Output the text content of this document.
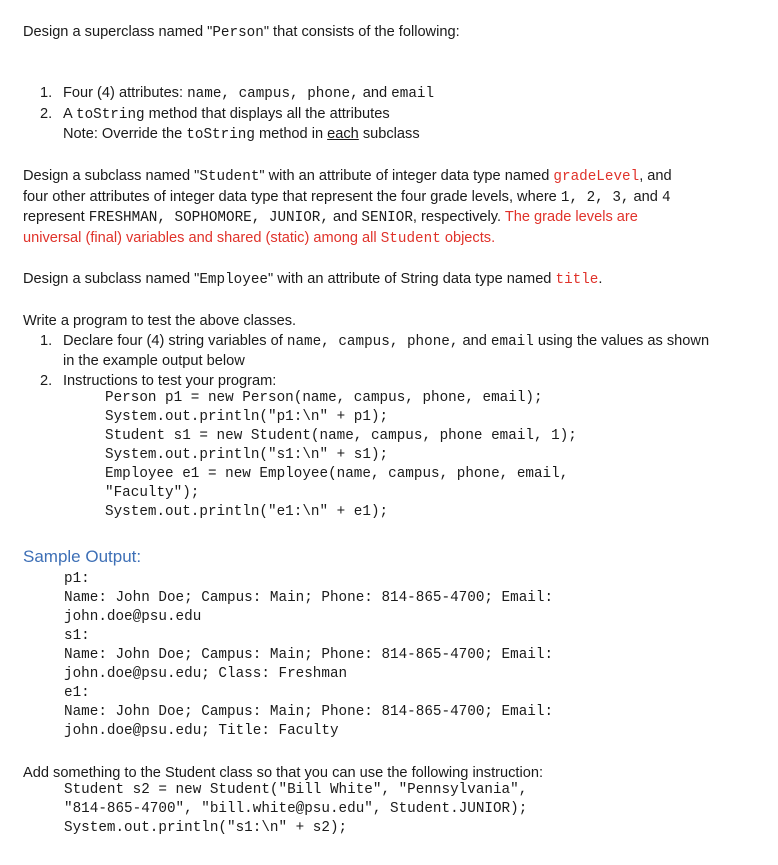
Design a superclass named "Person" that consists of the following:
1. Four (4) attributes: name, campus, phone, and email
2. A toString method that displays all the attributes
Note: Override the toString method in each subclass
Design a subclass named "Student" with an attribute of integer data type named gradeLevel, and
four other attributes of integer data type that represent the four grade levels, where 1, 2, 3, and 4
represent FRESHMAN, SOPHOMORE, JUNIOR, and SENIOR, respectively. The grade levels are
universal (final) variables and shared (static) among all Student objects.
Design a subclass named "Employee" with an attribute of String data type named title.
Write a program to test the above classes.
1. Declare four (4) string variables of name, campus, phone, and email using the values as shown
in the example output below
2. Instructions to test your program:
Person p1 = new Person(name, campus, phone, email);
System.out.println("p1:\n" + p1);
Student s1 = new Student(name, campus, phone email, 1);
System.out.println("s1:\n" + s1);
Employee e1 = new Employee(name, campus, phone, email,
"Faculty");
System.out.println("e1:\n" + e1);
Sample Output:
p1:
Name: John Doe; Campus: Main; Phone: 814-865-4700; Email:
john.doe@psu.edu
s1:
Name: John Doe; Campus: Main; Phone: 814-865-4700; Email:
john.doe@psu.edu; Class: Freshman
e1:
Name: John Doe; Campus: Main; Phone: 814-865-4700; Email:
john.doe@psu.edu; Title: Faculty
Add something to the Student class so that you can use the following instruction:
Student s2 = new Student("Bill White", "Pennsylvania",
"814-865-4700", "bill.white@psu.edu", Student.JUNIOR);
System.out.println("s1:\n" + s2);
